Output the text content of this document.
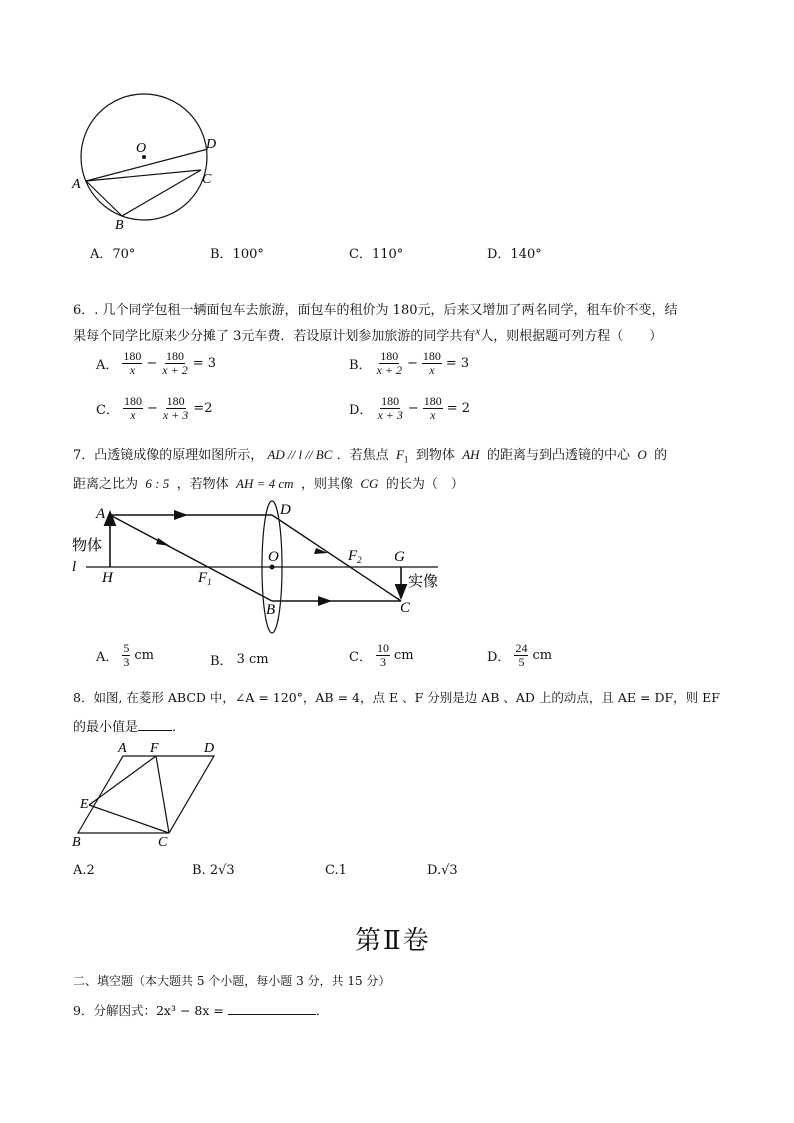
O	D
C
A
B
A．70°	B．100°	C．110°	D．140°
6．. 几个同学包租一辆面包车去旅游，面包车的租价为 180元，后来又增加了两名同学，租车价不变，结
果每个同学比原来少分摊了 3元车费．若设原计划参加旅游的同学共有$^x$人，则根据题可列方程（　　）
A． $\frac{180}{x} - \frac{180}{x + 2} = 3$	B． $\frac{180}{x + 2} - \frac{180}{x} = 3$
C． $\frac{180}{x} - \frac{180}{x + 3} =2$	D． $\frac{180}{x + 3} - \frac{180}{x} = 2$
7．凸透镜成像的原理如图所示， AD // l // BC ．若焦点 $F_1$ 到物体 AH 的距离与到凸透镜的中心 O 的
距离之比为 6 : 5 ，若物体 AH = 4 cm ，则其像 CG 的长为（　）
A	D
物体
l
H
O
$F_1$
$F_2$ G
实像
B	C
A． $\frac{5}{3}$ cm	B． 3 cm	C． $\frac{10}{3}$ cm	D． $\frac{24}{5}$ cm
8．如图, 在菱形 ABCD 中，∠A = 120°，AB = 4，点 E 、F 分别是边 AB 、AD 上的动点，且 AE = DF，则 EF
的最小值是	．
A F	D
E
B	C
A.2	B. 2√3	C.1	D.√3
第Ⅱ卷
二、填空题（本大题共 5 个小题，每小题 3 分，共 15 分）
9．分解因式：2x³ − 8x =	．
